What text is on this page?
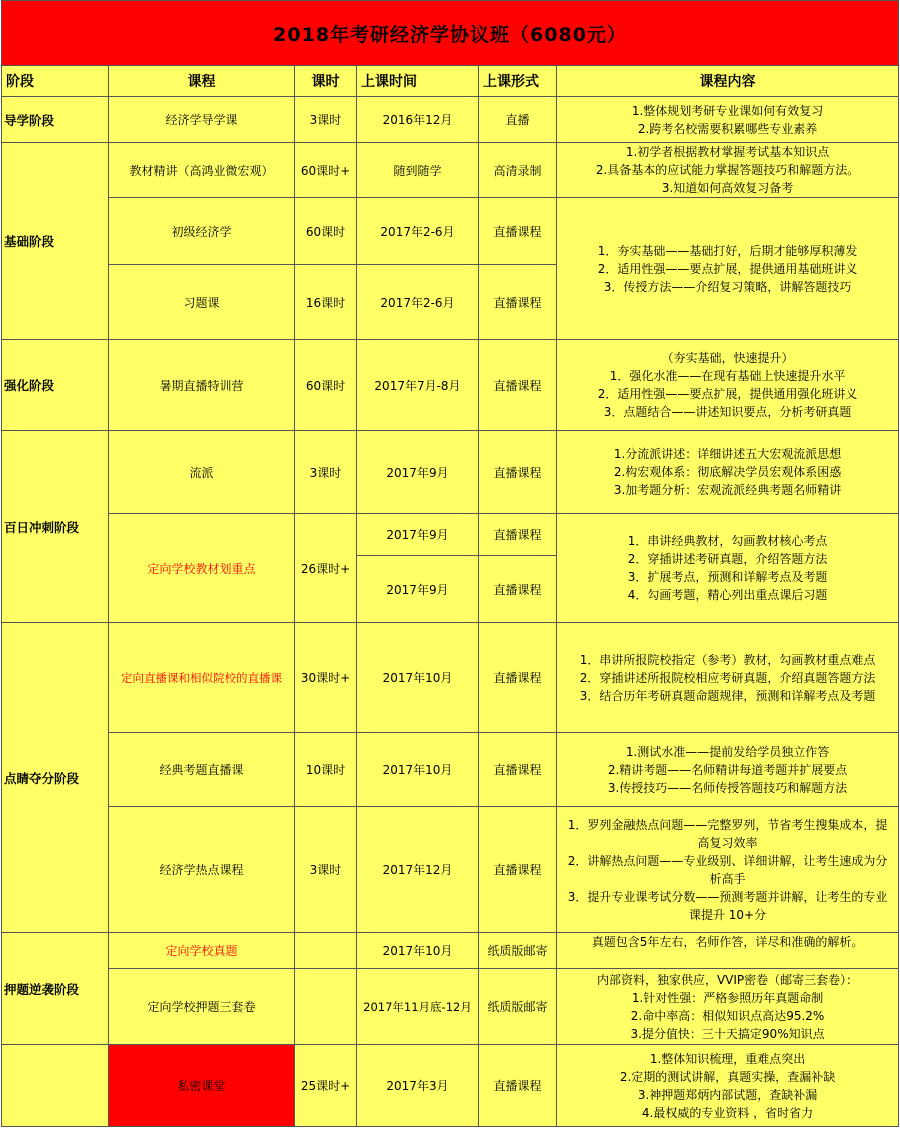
2018年考研经济学协议班（6080元）					
阶段	课程	课时	上课时间	上课形式	课程内容
导学阶段	经济学导学课	3课时	2016年12月	直播	1.整体规划考研专业课如何有效复习
2.跨考名校需要积累哪些专业素养

基础阶段	教材精讲（高鸿业微宏观）	60课时+	随到随学	高清录制	1.初学者根据教材掌握考试基本知识点
2.具备基本的应试能力掌握答题技巧和解题方法。
3.知道如何高效复习备考

	初级经济学	60课时	2017年2-6月	直播课程	1．夯实基础——基础打好，后期才能够厚积薄发
2．适用性强——要点扩展，提供通用基础班讲义
3．传授方法——介绍复习策略，讲解答题技巧

	习题课	16课时	2017年2-6月	直播课程	
强化阶段	暑期直播特训营	60课时	2017年7月-8月	直播课程	（夯实基础，快速提升）
1．强化水准——在现有基础上快速提升水平
2．适用性强——要点扩展，提供通用强化班讲义
3．点题结合——讲述知识要点，分析考研真题

百日冲刺阶段	流派	3课时	2017年9月	直播课程	1.分流派讲述：详细讲述五大宏观流派思想
2.构宏观体系：彻底解决学员宏观体系困惑
3.加考题分析：宏观流派经典考题名师精讲

	定向学校教材划重点	26课时+	2017年9月	直播课程	1．串讲经典教材，勾画教材核心考点
2．穿插讲述考研真题，介绍答题方法
3．扩展考点，预测和详解考点及考题
4．勾画考题，精心列出重点课后习题

			2017年9月	直播课程	
点睛夺分阶段	定向直播课和相似院校的直播课	30课时+	2017年10月	直播课程	1．串讲所报院校指定（参考）教材，勾画教材重点难点
2．穿插讲述所报院校相应考研真题，介绍真题答题方法
3．结合历年考研真题命题规律，预测和详解考点及考题

	经典考题直播课	10课时	2017年10月	直播课程	1.测试水准——提前发给学员独立作答
2.精讲考题——名师精讲每道考题并扩展要点
3.传授技巧——名师传授答题技巧和解题方法

	经济学热点课程	3课时	2017年12月	直播课程	1．罗列金融热点问题——完整罗列，节省考生搜集成本，提高复习效率
2．讲解热点问题——专业级别、详细讲解，让考生速成为分析高手
3．提升专业课考试分数——预测考题并讲解，让考生的专业课提升 10+分

押题逆袭阶段	定向学校真题		2017年10月	纸质版邮寄	真题包含5年左右，名师作答，详尽和准确的解析。

	定向学校押题三套卷		2017年11月底-12月	纸质版邮寄	内部资料，独家供应，VVIP密卷（邮寄三套卷）：
1.针对性强：严格参照历年真题命制
2.命中率高：相似知识点高达95.2%
3.提分值快：三十天搞定90%知识点

	私密课堂	25课时+	2017年3月	直播课程	1.整体知识梳理，重难点突出
2.定期的测试讲解，真题实操，查漏补缺
3.神押题郑炳内部试题，查缺补漏
4.最权威的专业资料 ，省时省力
